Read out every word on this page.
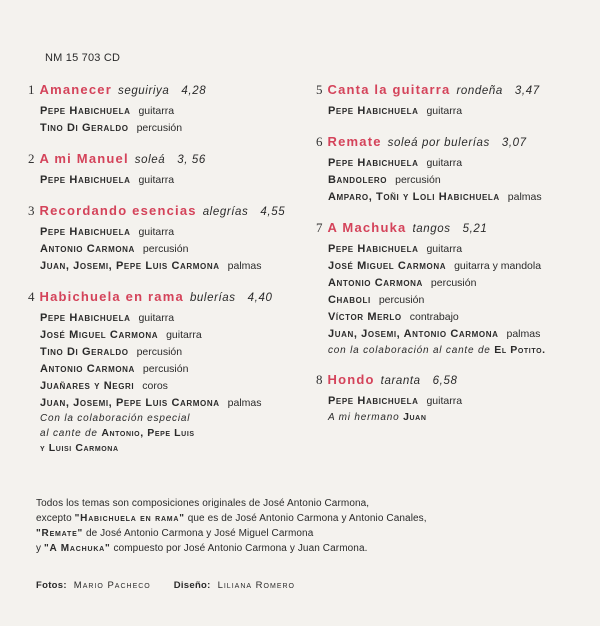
NM 15 703 CD
1 Amanecer seguiriya 4,28
Pepe Habichuela guitarra
Tino Di Geraldo percusión
2 A mi Manuel soleá 3, 56
Pepe Habichuela guitarra
3 Recordando esencias alegrías 4,55
Pepe Habichuela guitarra
Antonio Carmona percusión
Juan, Josemi, Pepe Luis Carmona palmas
4 Habichuela en rama bulerías 4,40
Pepe Habichuela guitarra
José Miguel Carmona guitarra
Tino Di Geraldo percusión
Antonio Carmona percusión
Juañares y Negri coros
Juan, Josemi, Pepe Luis Carmona palmas
Con la colaboración especial
al cante de Antonio, Pepe Luis
y Luisi Carmona
5 Canta la guitarra rondeña 3,47
Pepe Habichuela guitarra
6 Remate soleá por bulerías 3,07
Pepe Habichuela guitarra
Bandolero percusión
Amparo, Toñi y Loli Habichuela palmas
7 A Machuka tangos 5,21
Pepe Habichuela guitarra
José Miguel Carmona guitarra y mandola
Antonio Carmona percusión
Chaboli percusión
Víctor Merlo contrabajo
Juan, Josemi, Antonio Carmona palmas
con la colaboración al cante de El Potito.
8 Hondo taranta 6,58
Pepe Habichuela guitarra
A mi hermano Juan
Todos los temas son composiciones originales de José Antonio Carmona,
excepto "Habichuela en rama" que es de José Antonio Carmona y Antonio Canales,
"Remate" de José Antonio Carmona y José Miguel Carmona
y "A Machuka" compuesto por José Antonio Carmona y Juan Carmona.
Fotos: Mario Pacheco Diseño: Liliana Romero
